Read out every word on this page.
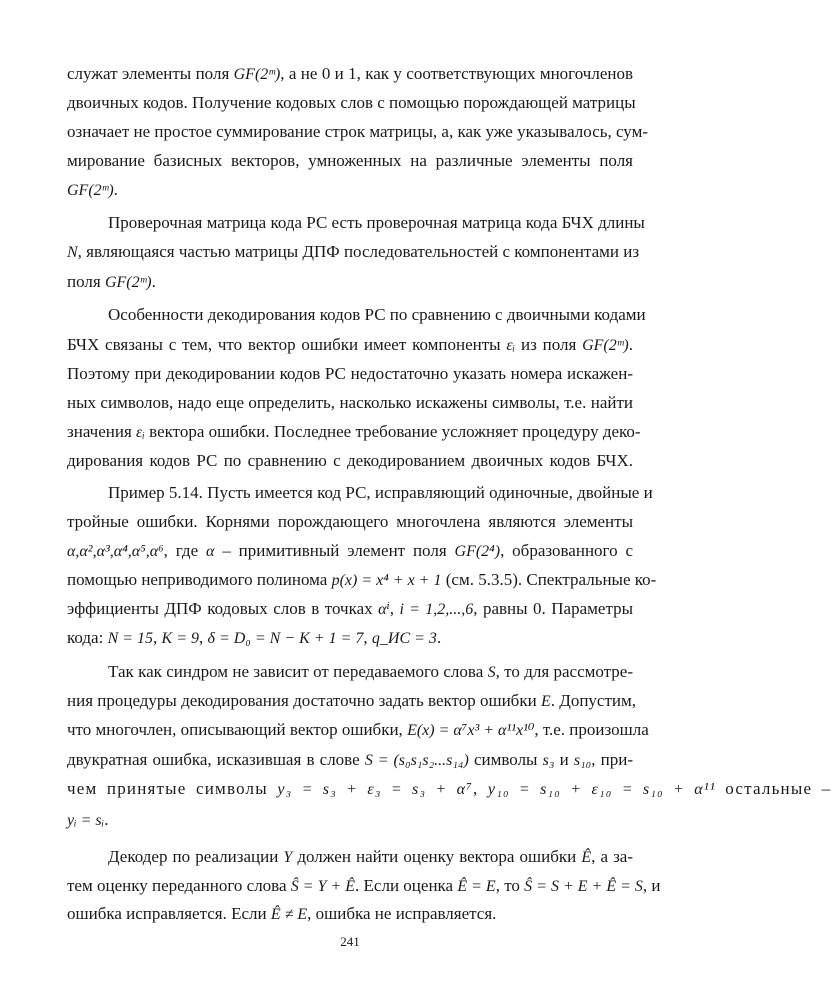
служат элементы поля GF(2ᵐ), а не 0 и 1, как у соответствующих многочленов
двоичных кодов. Получение кодовых слов с помощью порождающей матрицы
означает не простое суммирование строк матрицы, а, как уже указывалось, сум-
мирование базисных векторов, умноженных на различные элементы поля
GF(2ᵐ).
Проверочная матрица кода РС есть проверочная матрица кода БЧХ длины
N, являющаяся частью матрицы ДПФ последовательностей с компонентами из
поля GF(2ᵐ).
Особенности декодирования кодов РС по сравнению с двоичными кодами
БЧХ связаны с тем, что вектор ошибки имеет компоненты εᵢ из поля GF(2ᵐ).
Поэтому при декодировании кодов РС недостаточно указать номера искажен-
ных символов, надо еще определить, насколько искажены символы, т.е. найти
значения εᵢ вектора ошибки. Последнее требование усложняет процедуру деко-
дирования кодов РС по сравнению с декодированием двоичных кодов БЧХ.
Пример 5.14. Пусть имеется код РС, исправляющий одиночные, двойные и
тройные ошибки. Корнями порождающего многочлена являются элементы
α,α²,α³,α⁴,α⁵,α⁶, где α – примитивный элемент поля GF(2⁴), образованного с
помощью неприводимого полинома p(x) = x⁴ + x + 1 (см. 5.3.5). Спектральные ко-
эффициенты ДПФ кодовых слов в точках αⁱ, i = 1,2,...,6, равны 0. Параметры
кода: N = 15, K = 9, δ = D₀ = N − K + 1 = 7, q_ИС = 3.
Так как синдром не зависит от передаваемого слова S, то для рассмотре-
ния процедуры декодирования достаточно задать вектор ошибки E. Допустим,
что многочлен, описывающий вектор ошибки, E(x) = α⁷x³ + α¹¹x¹⁰, т.е. произошла
двукратная ошибка, исказившая в слове S = (s₀s₁s₂...s₁₄) символы s₃ и s₁₀, при-
чем принятые символы y₃ = s₃ + ε₃ = s₃ + α⁷, y₁₀ = s₁₀ + ε₁₀ = s₁₀ + α¹¹ остальные –
yᵢ = sᵢ.
Декодер по реализации Y должен найти оценку вектора ошибки Ê, а за-
тем оценку переданного слова Ŝ = Y + Ê. Если оценка Ê = E, то Ŝ = S + E + Ê = S, и
ошибка исправляется. Если Ê ≠ E, ошибка не исправляется.
241
